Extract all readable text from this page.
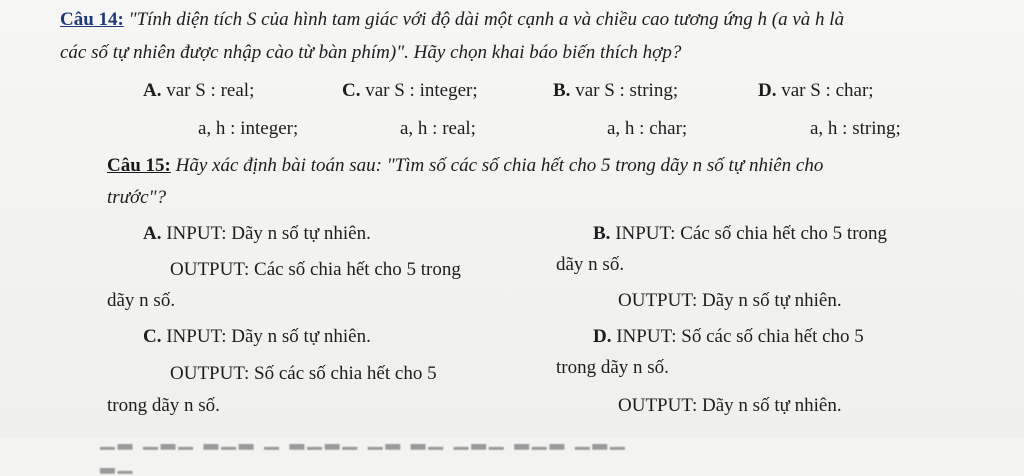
Câu 14: "Tính diện tích S của hình tam giác với độ dài một cạnh a và chiều cao tương ứng h (a và h là
các số tự nhiên được nhập cào từ bàn phím)". Hãy chọn khai báo biến thích hợp?
A. var S : real;	C. var S : integer;	B. var S : string;	D. var S : char;
a, h : integer;	a, h : real;	a, h : char;	a, h : string;
Câu 15: Hãy xác định bài toán sau: "Tìm số các số chia hết cho 5 trong dãy n số tự nhiên cho
trước"?
A. INPUT: Dãy n số tự nhiên.	B. INPUT: Các số chia hết cho 5 trong
OUTPUT: Các số chia hết cho 5 trong	dãy n số.
dãy n số.	OUTPUT: Dãy n số tự nhiên.
C. INPUT: Dãy n số tự nhiên.	D. INPUT: Số các số chia hết cho 5
OUTPUT: Số các số chia hết cho 5	trong dãy n số.
trong dãy n số.	OUTPUT: Dãy n số tự nhiên.
▁▂ ▁▂▁ ▂▁▂ ▁ ▂▁▂▁ ▁▂ ▂▁ ▁▂▁ ▂▁▂ ▁▂▁ ▂▁
